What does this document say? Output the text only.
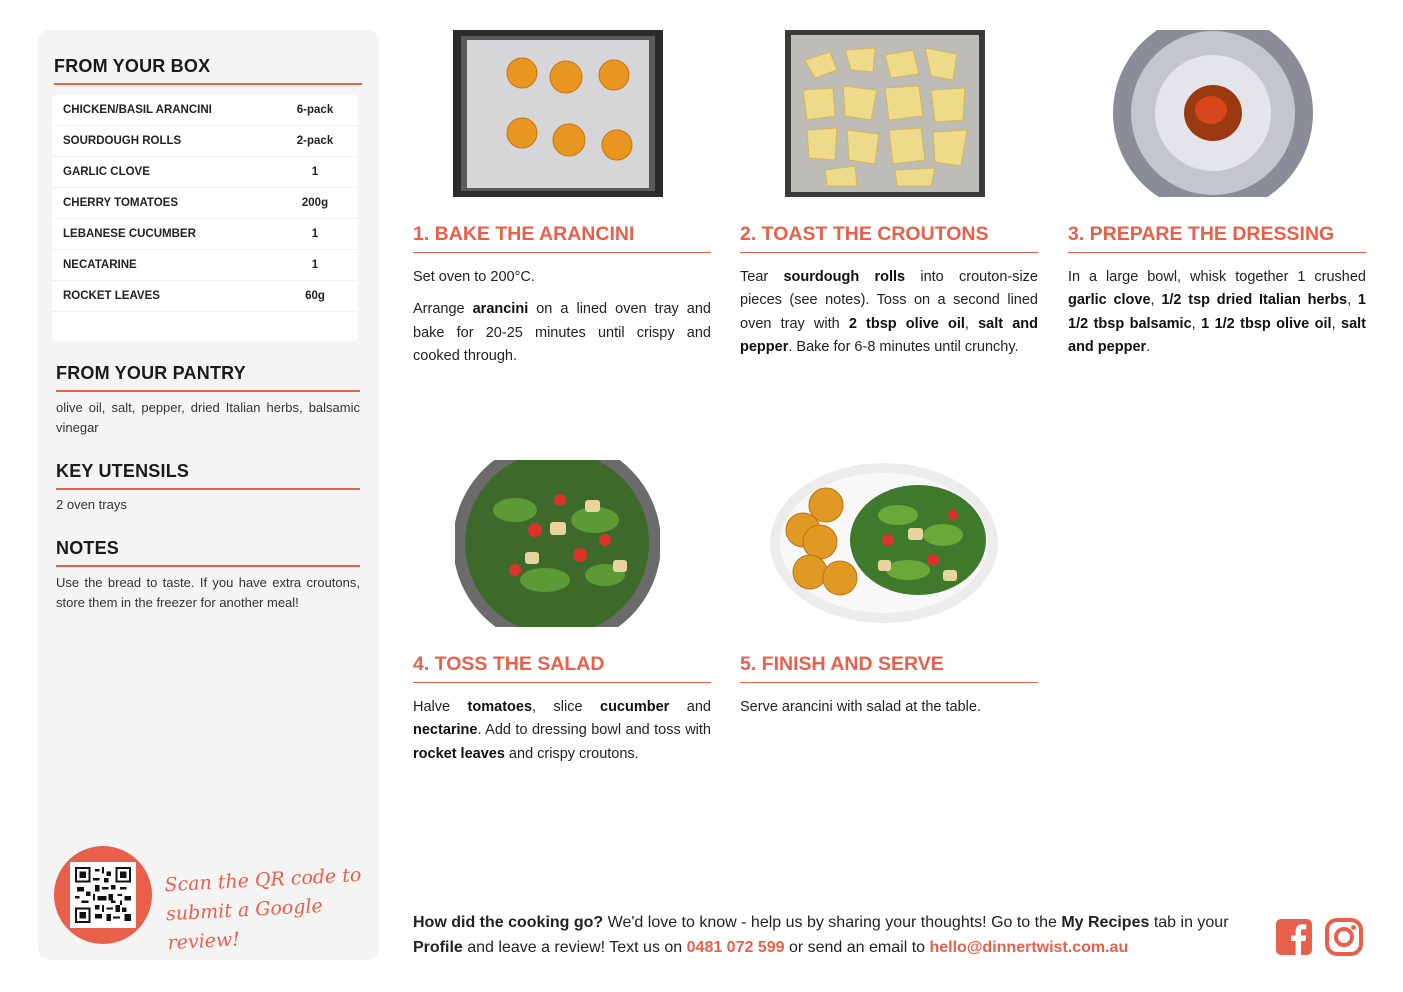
FROM YOUR BOX
CHICKEN/BASIL ARANCINI	6-pack
SOURDOUGH ROLLS	2-pack
GARLIC CLOVE	1
CHERRY TOMATOES	200g
LEBANESE CUCUMBER	1
NECATARINE	1
ROCKET LEAVES	60g
FROM YOUR PANTRY
olive oil, salt, pepper, dried Italian herbs, balsamic vinegar
KEY UTENSILS
2 oven trays
NOTES
Use the bread to taste. If you have extra croutons, store them in the freezer for another meal!
Scan the QR code to
submit a Google review!
1. BAKE THE ARANCINI	2. TOAST THE CROUTONS	3. PREPARE THE DRESSING
4. TOSS THE SALAD	5. FINISH AND SERVE

Set oven to 200°C.

Arrange arancini on a lined oven tray and bake for 20-25 minutes until crispy and cooked through.

Tear sourdough rolls into crouton-size pieces (see notes). Toss on a second lined oven tray with 2 tbsp olive oil, salt and pepper. Bake for 6-8 minutes until crunchy.

In a large bowl, whisk together 1 crushed garlic clove, 1/2 tsp dried Italian herbs, 1 1/2 tbsp balsamic, 1 1/2 tbsp olive oil, salt and pepper.

Halve tomatoes, slice cucumber and nectarine. Add to dressing bowl and toss with rocket leaves and crispy croutons.

Serve arancini with salad at the table.

How did the cooking go? We'd love to know - help us by sharing your thoughts! Go to the My Recipes tab in your Profile and leave a review! Text us on 0481 072 599 or send an email to hello@dinnertwist.com.au
